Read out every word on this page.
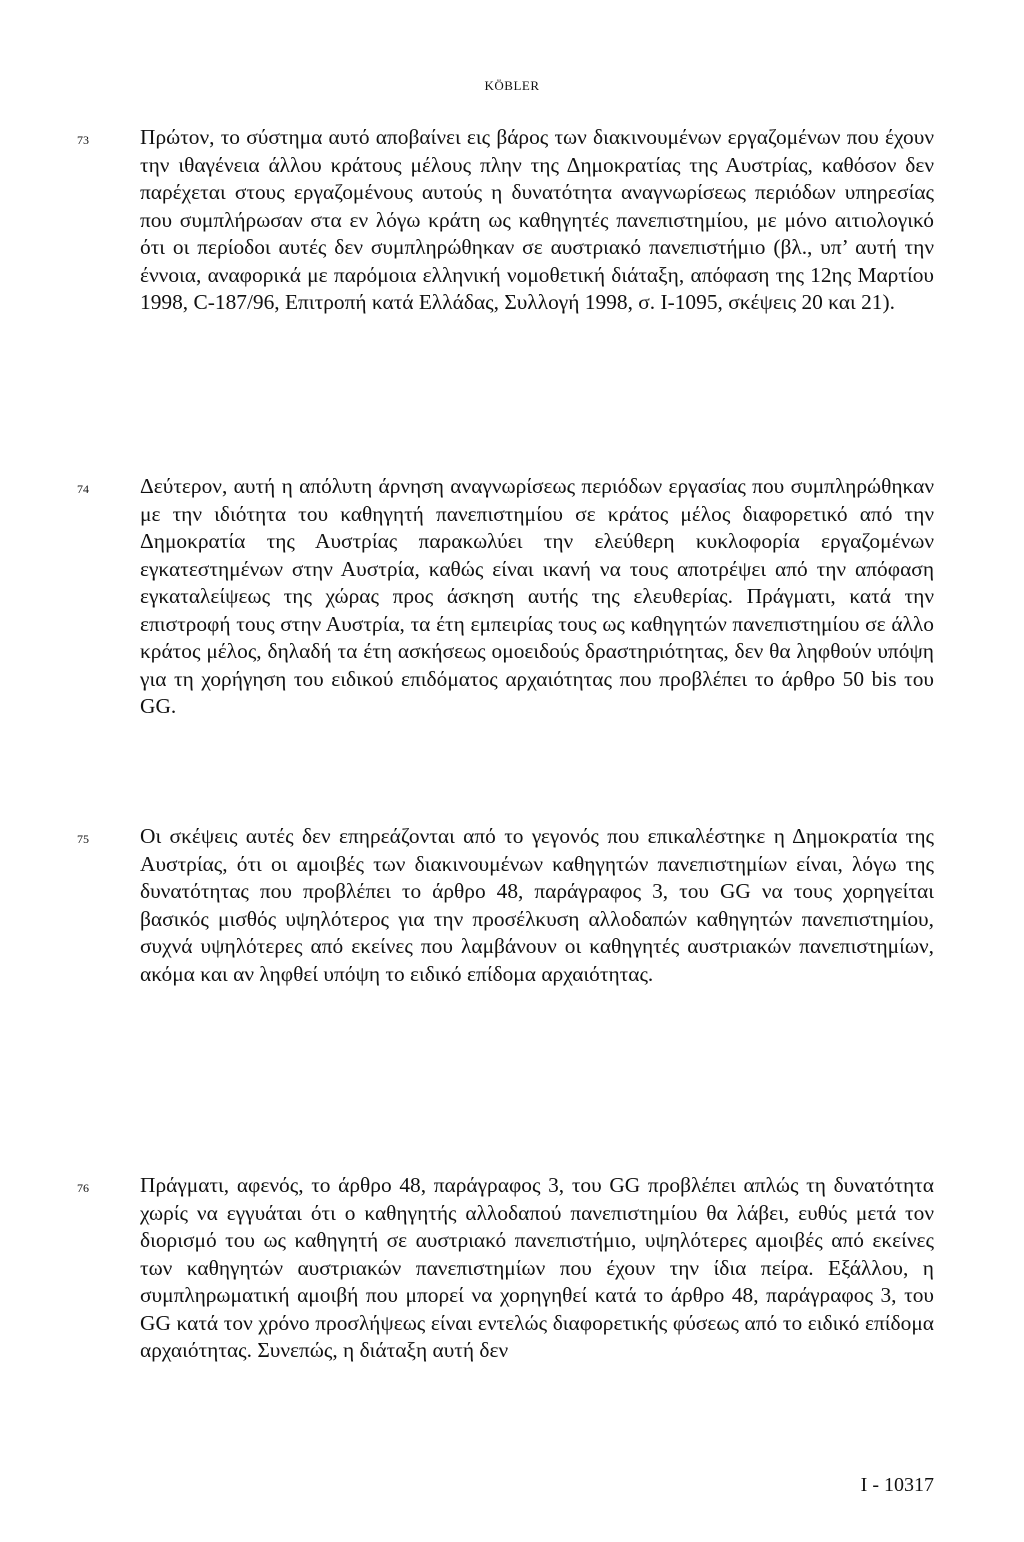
KÖBLER
73 Πρώτον, το σύστημα αυτό αποβαίνει εις βάρος των διακινουμένων εργαζομένων που έχουν την ιθαγένεια άλλου κράτους μέλους πλην της Δημοκρατίας της Αυστρίας, καθόσον δεν παρέχεται στους εργαζομένους αυτούς η δυνατότητα αναγνωρίσεως περιόδων υπηρεσίας που συμπλήρωσαν στα εν λόγω κράτη ως καθηγητές πανεπιστημίου, με μόνο αιτιολογικό ότι οι περίοδοι αυτές δεν συμπληρώθηκαν σε αυστριακό πανεπιστήμιο (βλ., υπ’ αυτή την έννοια, αναφορικά με παρόμοια ελληνική νομοθετική διάταξη, απόφαση της 12ης Μαρτίου 1998, C-187/96, Επιτροπή κατά Ελλάδας, Συλλογή 1998, σ. I-1095, σκέψεις 20 και 21).

74 Δεύτερον, αυτή η απόλυτη άρνηση αναγνωρίσεως περιόδων εργασίας που συμπληρώθηκαν με την ιδιότητα του καθηγητή πανεπιστημίου σε κράτος μέλος διαφορετικό από την Δημοκρατία της Αυστρίας παρακωλύει την ελεύθερη κυκλοφορία εργαζομένων εγκατεστημένων στην Αυστρία, καθώς είναι ικανή να τους αποτρέψει από την απόφαση εγκαταλείψεως της χώρας προς άσκηση αυτής της ελευθερίας. Πράγματι, κατά την επιστροφή τους στην Αυστρία, τα έτη εμπειρίας τους ως καθηγητών πανεπιστημίου σε άλλο κράτος μέλος, δηλαδή τα έτη ασκήσεως ομοειδούς δραστηριότητας, δεν θα ληφθούν υπόψη για τη χορήγηση του ειδικού επιδόματος αρχαιότητας που προβλέπει το άρθρο 50 bis του GG.

75 Οι σκέψεις αυτές δεν επηρεάζονται από το γεγονός που επικαλέστηκε η Δημοκρατία της Αυστρίας, ότι οι αμοιβές των διακινουμένων καθηγητών πανεπιστημίων είναι, λόγω της δυνατότητας που προβλέπει το άρθρο 48, παράγραφος 3, του GG να τους χορηγείται βασικός μισθός υψηλότερος για την προσέλκυση αλλοδαπών καθηγητών πανεπιστημίου, συχνά υψηλότερες από εκείνες που λαμβάνουν οι καθηγητές αυστριακών πανεπιστημίων, ακόμα και αν ληφθεί υπόψη το ειδικό επίδομα αρχαιότητας.

76 Πράγματι, αφενός, το άρθρο 48, παράγραφος 3, του GG προβλέπει απλώς τη δυνατότητα χωρίς να εγγυάται ότι ο καθηγητής αλλοδαπού πανεπιστημίου θα λάβει, ευθύς μετά τον διορισμό του ως καθηγητή σε αυστριακό πανεπιστήμιο, υψηλότερες αμοιβές από εκείνες των καθηγητών αυστριακών πανεπιστημίων που έχουν την ίδια πείρα. Εξάλλου, η συμπληρωματική αμοιβή που μπορεί να χορηγηθεί κατά το άρθρο 48, παράγραφος 3, του GG κατά τον χρόνο προσλήψεως είναι εντελώς διαφορετικής φύσεως από το ειδικό επίδομα αρχαιότητας. Συνεπώς, η διάταξη αυτή δεν

I - 10317
